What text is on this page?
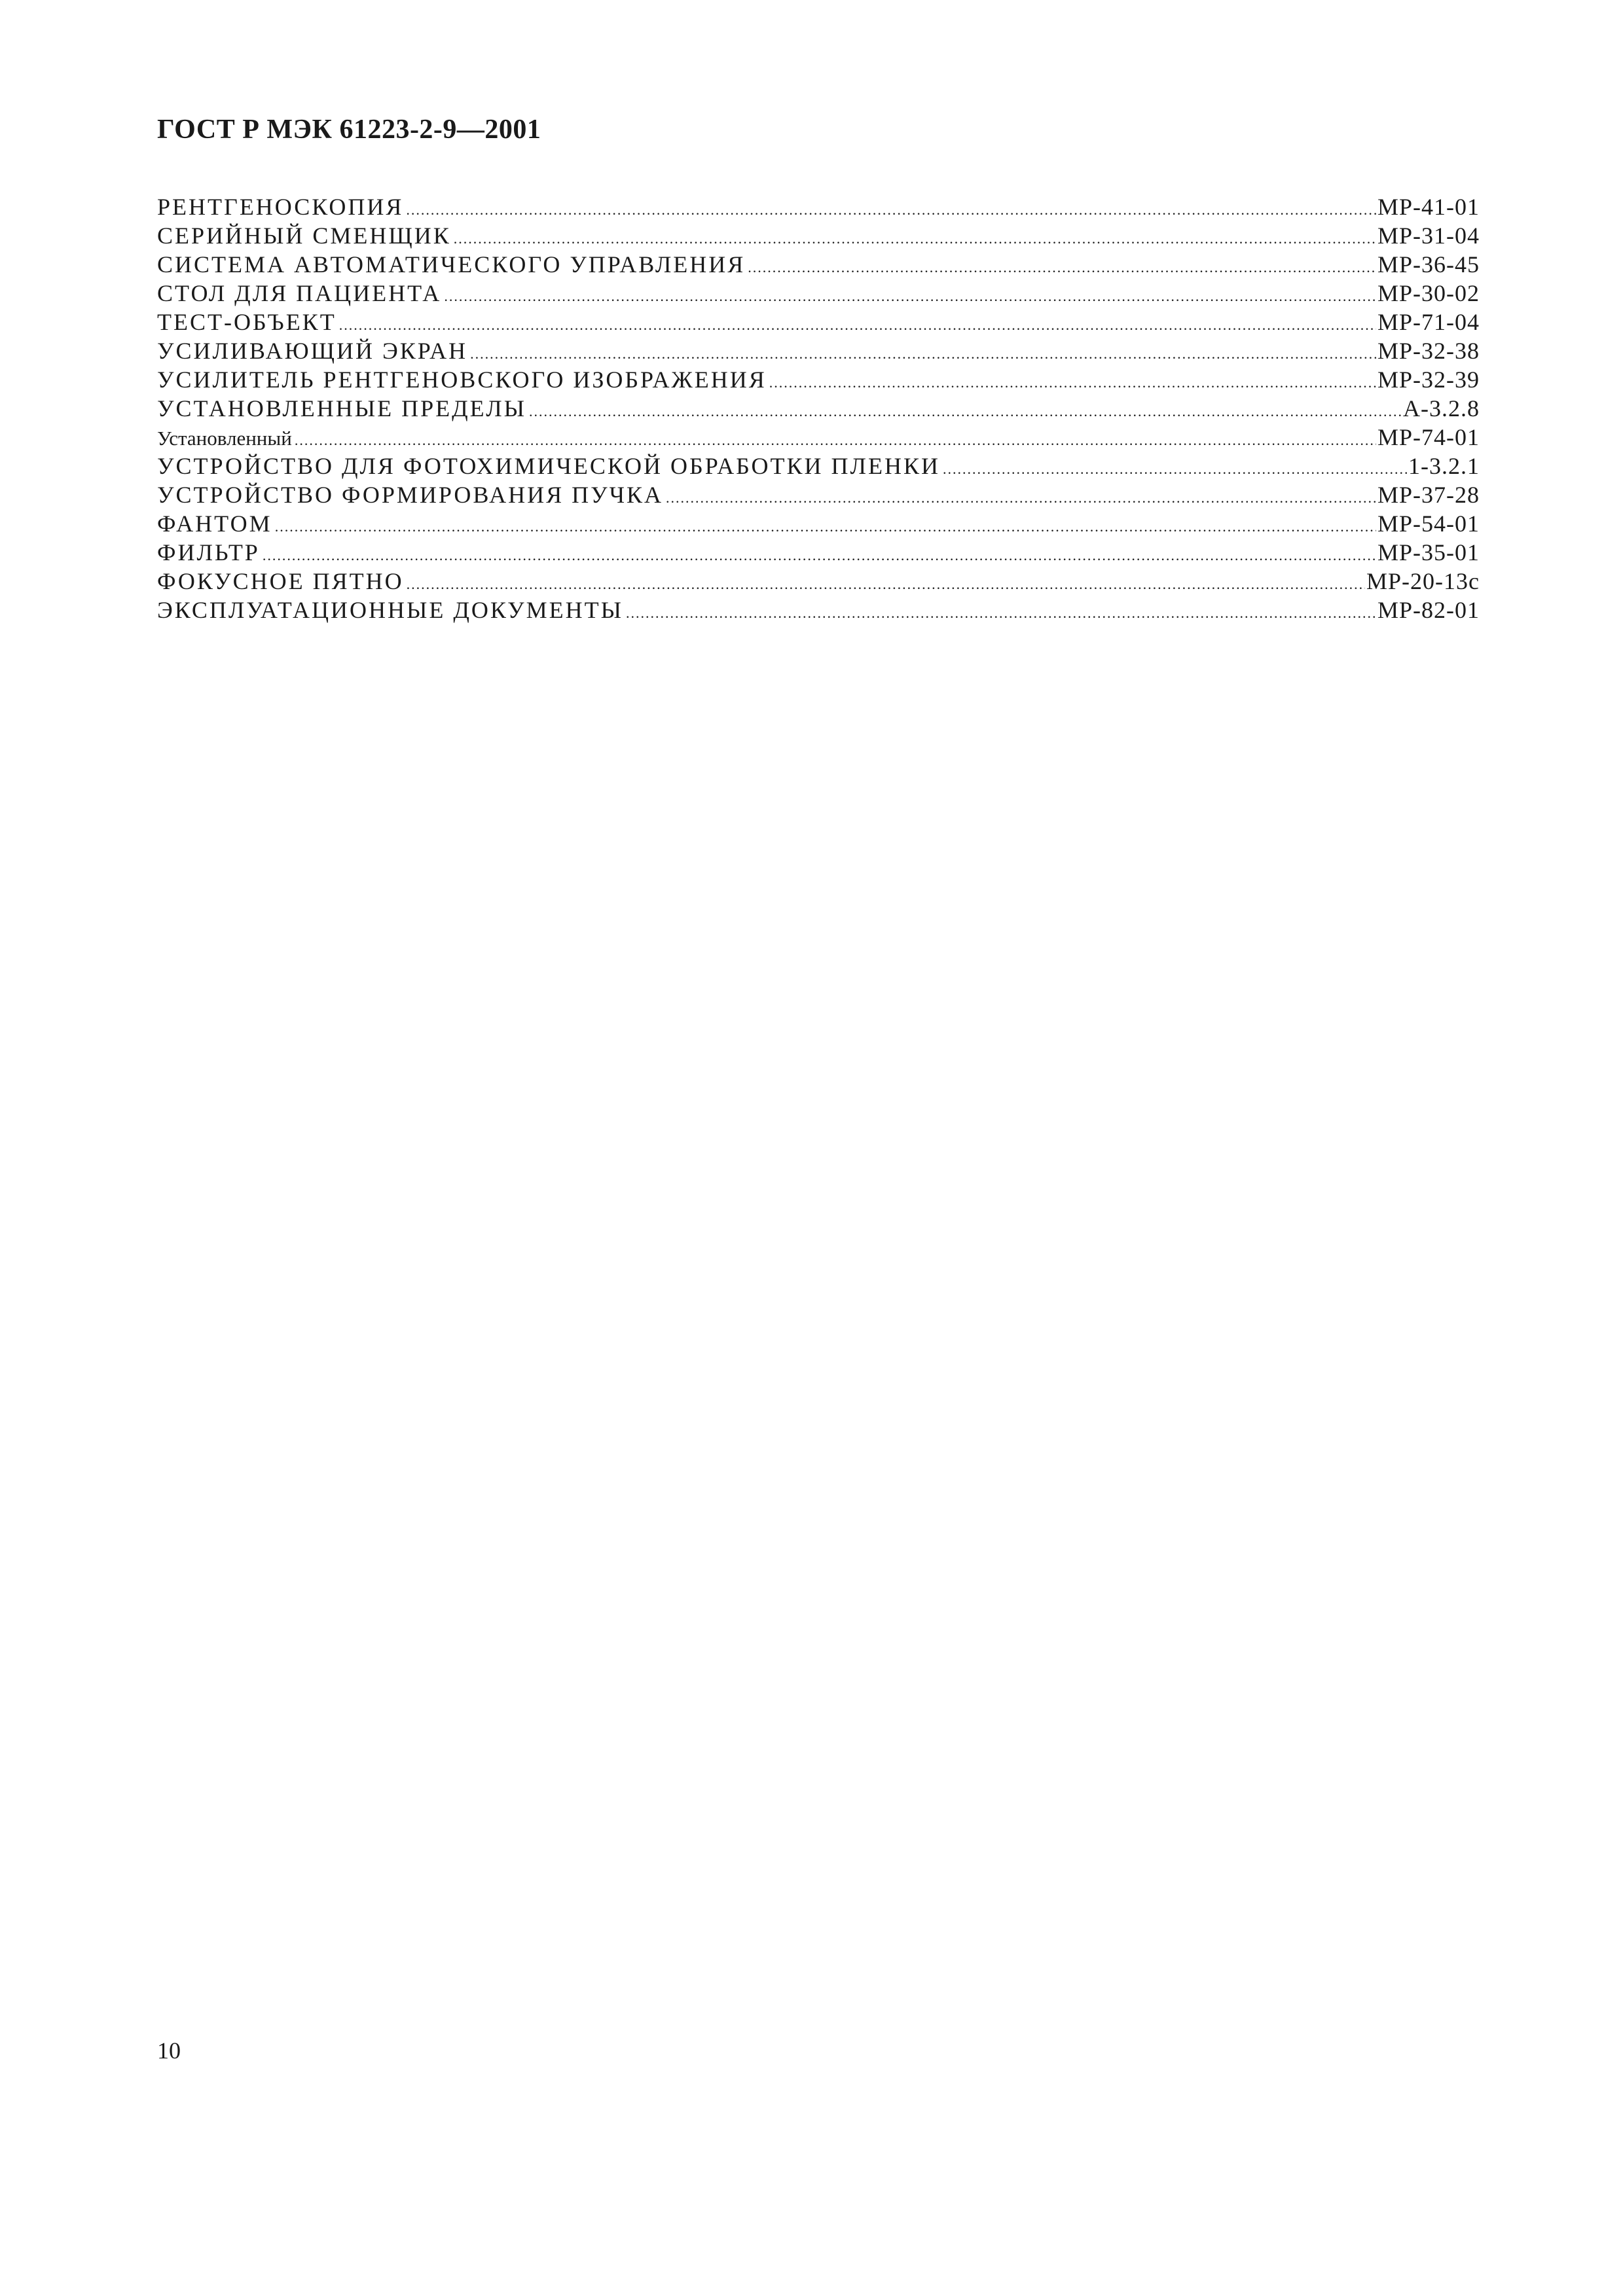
ГОСТ Р МЭК 61223-2-9—2001
РЕНТГЕНОСКОПИЯ .....	МР-41-01
СЕРИЙНЫЙ СМЕНЩИК .....	МР-31-04
СИСТЕМА АВТОМАТИЧЕСКОГО УПРАВЛЕНИЯ .....	МР-36-45
СТОЛ ДЛЯ ПАЦИЕНТА .....	МР-30-02
ТЕСТ-ОБЪЕКТ .....	МР-71-04
УСИЛИВАЮЩИЙ ЭКРАН .....	МР-32-38
УСИЛИТЕЛЬ РЕНТГЕНОВСКОГО ИЗОБРАЖЕНИЯ .....	МР-32-39
УСТАНОВЛЕННЫЕ ПРЕДЕЛЫ .....	А-3.2.8
Установленный .....	МР-74-01
УСТРОЙСТВО ДЛЯ ФОТОХИМИЧЕСКОЙ ОБРАБОТКИ ПЛЕНКИ .....	1-3.2.1
УСТРОЙСТВО ФОРМИРОВАНИЯ ПУЧКА .....	МР-37-28
ФАНТОМ .....	МР-54-01
ФИЛЬТР .....	МР-35-01
ФОКУСНОЕ ПЯТНО .....	МР-20-13с
ЭКСПЛУАТАЦИОННЫЕ ДОКУМЕНТЫ .....	МР-82-01
10
